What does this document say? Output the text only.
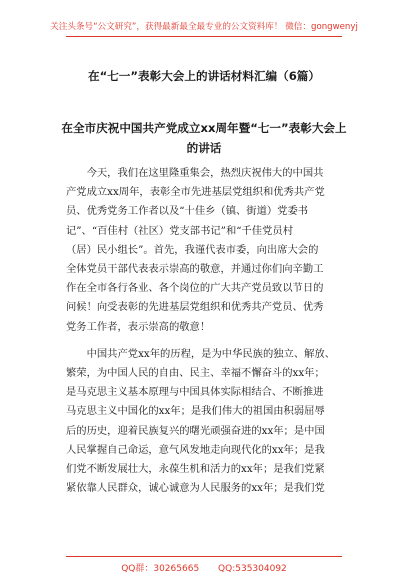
关注头条号“公文研究”，获得最新最全最专业的公文资料库！ 微信：gongwenyj
在“七一”表彰大会上的讲话材料汇编（6篇）
在全市庆祝中国共产党成立xx周年暨“七一”表彰大会上
的讲话
今天，我们在这里隆重集会，热烈庆祝伟大的中国共
产党成立xx周年，表彰全市先进基层党组织和优秀共产党
员、优秀党务工作者以及“十佳乡（镇、街道）党委书
记”、“百佳村（社区）党支部书记”和“千佳党员村
（居）民小组长”。首先，我谨代表市委，向出席大会的
全体党员干部代表表示崇高的敬意，并通过你们向辛勤工
作在全市各行各业、各个岗位的广大共产党员致以节日的
问候！向受表彰的先进基层党组织和优秀共产党员、优秀
党务工作者，表示崇高的敬意！
中国共产党xx年的历程，是为中华民族的独立、解放、
繁荣，为中国人民的自由、民主、幸福不懈奋斗的xx年；
是马克思主义基本原理与中国具体实际相结合、不断推进
马克思主义中国化的xx年；是我们伟大的祖国由积弱屈辱
后的历史，迎着民族复兴的曙光顽强奋进的xx年；是中国
人民掌握自己命运，意气风发地走向现代化的xx年；是我
们党不断发展壮大，永葆生机和活力的xx年；是我们党紧
紧依靠人民群众，诚心诚意为人民服务的xx年；是我们党
QQ群：30265665 QQ:535304092
